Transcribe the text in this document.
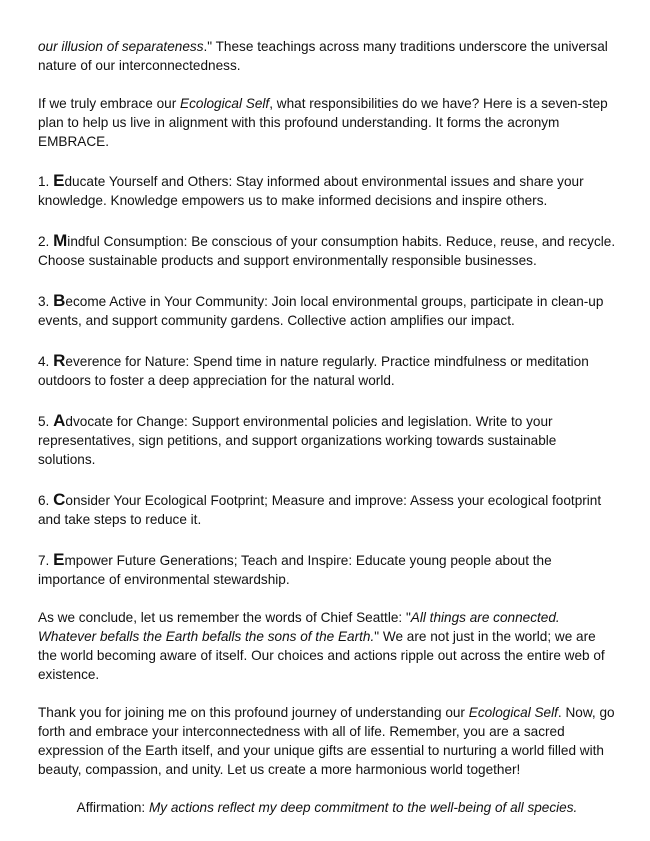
our illusion of separateness." These teachings across many traditions underscore the universal nature of our interconnectedness.

If we truly embrace our Ecological Self, what responsibilities do we have? Here is a seven-step plan to help us live in alignment with this profound understanding. It forms the acronym EMBRACE.

1. Educate Yourself and Others: Stay informed about environmental issues and share your knowledge. Knowledge empowers us to make informed decisions and inspire others.

2. Mindful Consumption: Be conscious of your consumption habits. Reduce, reuse, and recycle. Choose sustainable products and support environmentally responsible businesses.

3. Become Active in Your Community: Join local environmental groups, participate in clean-up events, and support community gardens. Collective action amplifies our impact.

4. Reverence for Nature: Spend time in nature regularly. Practice mindfulness or meditation outdoors to foster a deep appreciation for the natural world.

5. Advocate for Change: Support environmental policies and legislation. Write to your representatives, sign petitions, and support organizations working towards sustainable solutions.

6. Consider Your Ecological Footprint; Measure and improve: Assess your ecological footprint and take steps to reduce it.

7. Empower Future Generations; Teach and Inspire: Educate young people about the importance of environmental stewardship.

As we conclude, let us remember the words of Chief Seattle: "All things are connected. Whatever befalls the Earth befalls the sons of the Earth." We are not just in the world; we are the world becoming aware of itself. Our choices and actions ripple out across the entire web of existence.

Thank you for joining me on this profound journey of understanding our Ecological Self. Now, go forth and embrace your interconnectedness with all of life. Remember, you are a sacred expression of the Earth itself, and your unique gifts are essential to nurturing a world filled with beauty, compassion, and unity. Let us create a more harmonious world together!

Affirmation: My actions reflect my deep commitment to the well-being of all species.
